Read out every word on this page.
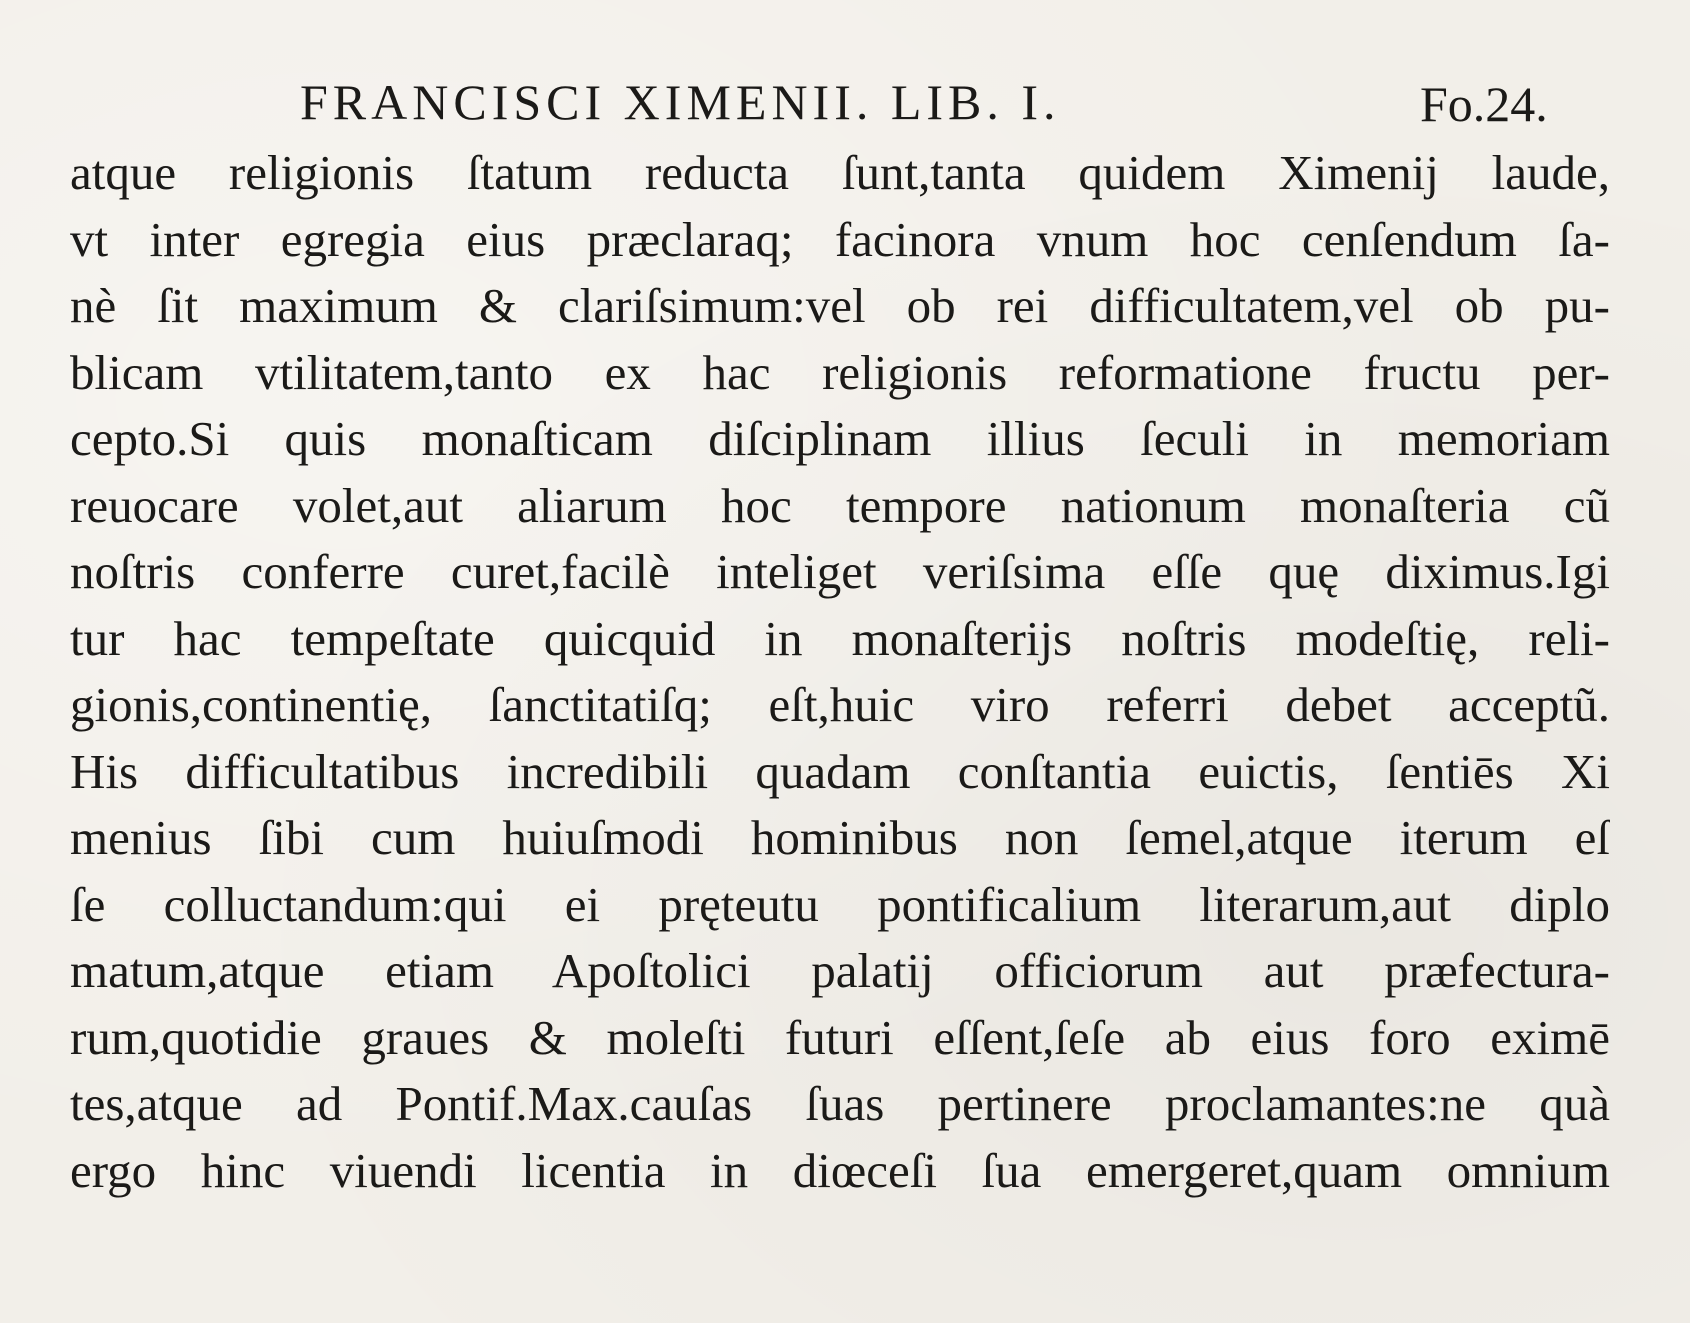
FRANCISCI XIMENII. LIB. I.	Fo.24.
atque religionis ſtatum reducta ſunt,tanta quidem Ximenij laude,
vt inter egregia eius præclaraq; facinora vnum hoc cenſendum ſa-
nè ſit maximum & clariſsimum:vel ob rei difficultatem,vel ob pu-
blicam vtilitatem,tanto ex hac religionis reformatione fructu per-
cepto.Si quis monaſticam diſciplinam illius ſeculi in memoriam
reuocare volet,aut aliarum hoc tempore nationum monaſteria cũ
noſtris conferre curet,facilè inteliget veriſsima eſſe quę diximus.Igi
tur hac tempeſtate quicquid in monaſterijs noſtris modeſtię, reli-
gionis,continentię, ſanctitatiſq; eſt,huic viro referri debet acceptũ.
His difficultatibus incredibili quadam conſtantia euictis, ſentiēs Xi
menius ſibi cum huiuſmodi hominibus non ſemel,atque iterum eſ
ſe colluctandum:qui ei pręteutu pontificalium literarum,aut diplo
matum,atque etiam Apoſtolici palatij officiorum aut præfectura-
rum,quotidie graues & moleſti futuri eſſent,ſeſe ab eius foro eximē
tes,atque ad Pontif.Max.cauſas ſuas pertinere proclamantes:ne quà
ergo hinc viuendi licentia in diœceſi ſua emergeret,quam omnium
